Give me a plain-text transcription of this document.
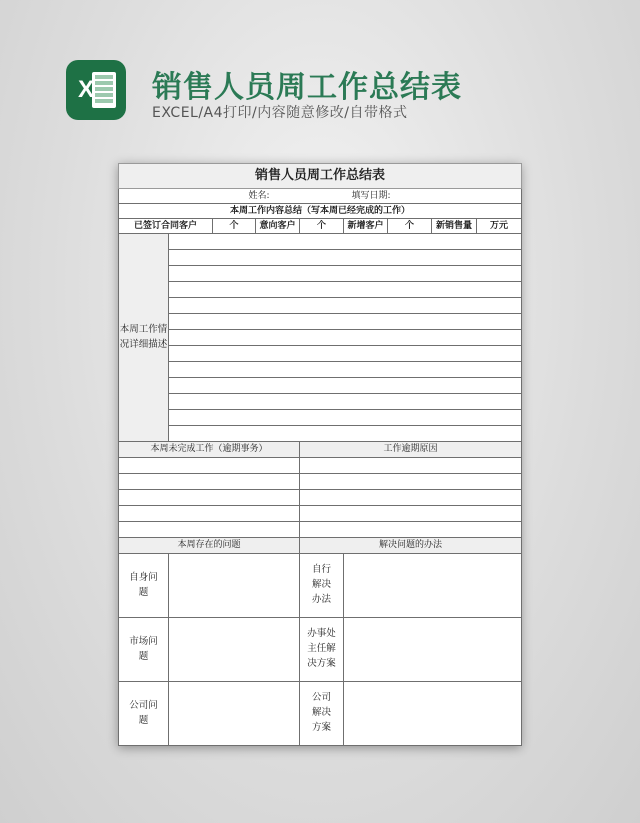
X 销售人员周工作总结表
EXCEL/A4打印/内容随意修改/自带格式
销售人员周工作总结表								
姓名:				填写日期:				
本周工作内容总结（写本周已经完成的工作）								
已签订合同客户		个	意向客户	个	新增客户	个	新销售量	万元

本周工作情况详细描述								

本周未完成工作（逾期事务）				工作逾期原因				

本周存在的问题				解决问题的办法				

自身问题				自行解决办法				

市场问题				办事处主任解决方案				

公司问题				公司解决方案				
